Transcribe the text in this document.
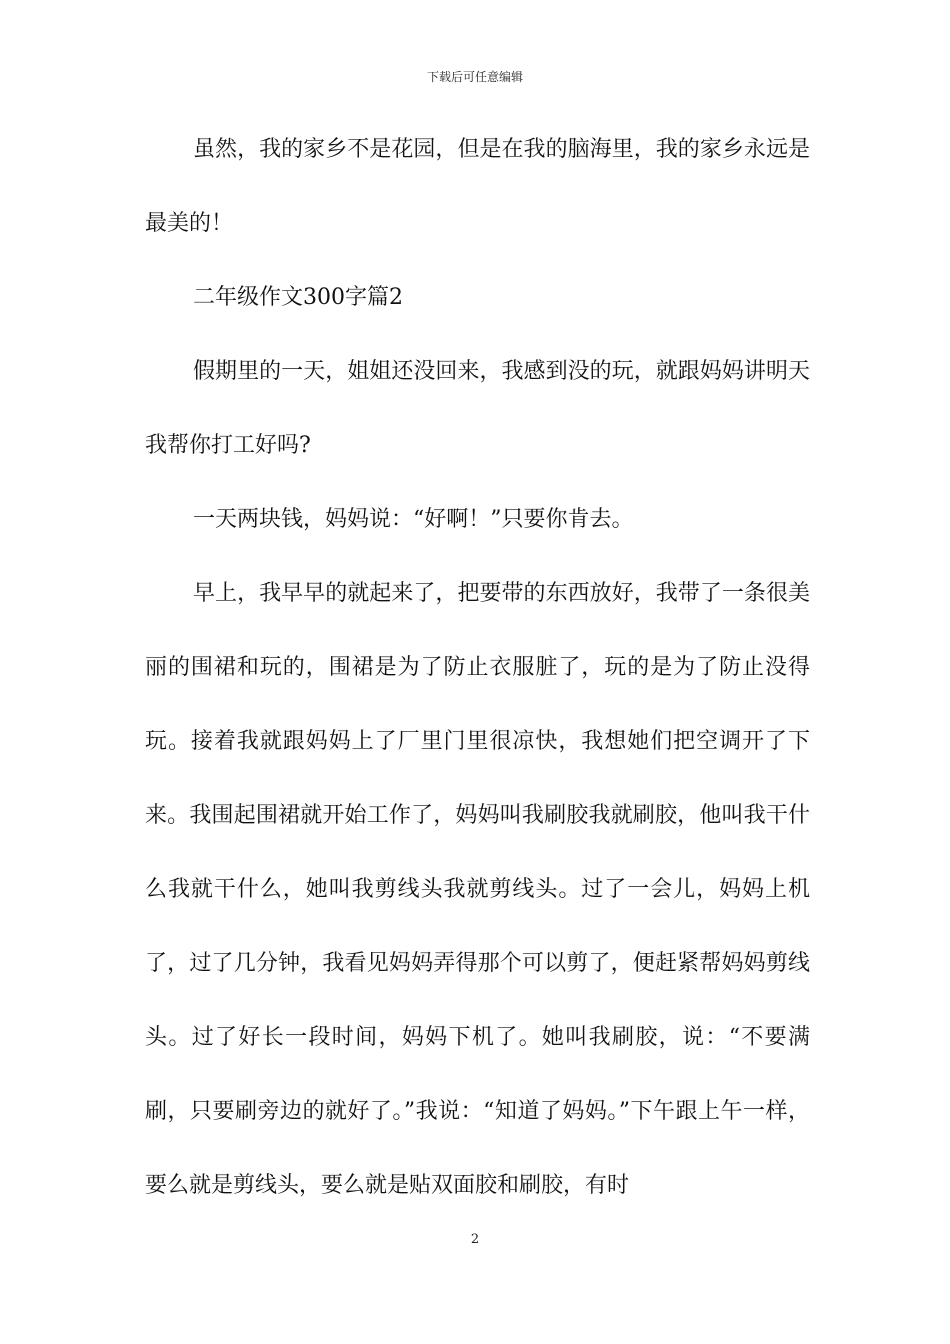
下载后可任意编辑

虽然，我的家乡不是花园，但是在我的脑海里，我的家乡永远是最美的！

二年级作文300字篇2

假期里的一天，姐姐还没回来，我感到没的玩，就跟妈妈讲明天我帮你打工好吗?

一天两块钱，妈妈说：“好啊！”只要你肯去。

早上，我早早的就起来了，把要带的东西放好，我带了一条很美丽的围裙和玩的，围裙是为了防止衣服脏了，玩的是为了防止没得玩。接着我就跟妈妈上了厂里门里很凉快，我想她们把空调开了下来。我围起围裙就开始工作了，妈妈叫我刷胶我就刷胶，他叫我干什么我就干什么，她叫我剪线头我就剪线头。过了一会儿，妈妈上机了，过了几分钟，我看见妈妈弄得那个可以剪了，便赶紧帮妈妈剪线头。过了好长一段时间，妈妈下机了。她叫我刷胶，说：“不要满刷，只要刷旁边的就好了。”我说：“知道了妈妈。”下午跟上午一样，要么就是剪线头，要么就是贴双面胶和刷胶，有时

2
